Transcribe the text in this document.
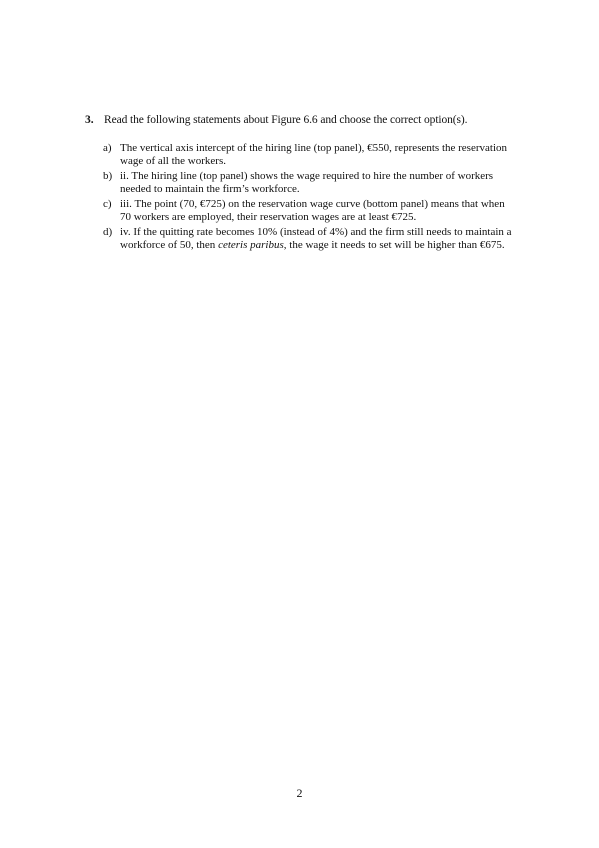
3. Read the following statements about Figure 6.6 and choose the correct option(s).
a) The vertical axis intercept of the hiring line (top panel), €550, represents the reservation wage of all the workers.
b) ii. The hiring line (top panel) shows the wage required to hire the number of workers needed to maintain the firm’s workforce.
c) iii. The point (70, €725) on the reservation wage curve (bottom panel) means that when 70 workers are employed, their reservation wages are at least €725.
d) iv. If the quitting rate becomes 10% (instead of 4%) and the firm still needs to maintain a workforce of 50, then ceteris paribus, the wage it needs to set will be higher than €675.
2
